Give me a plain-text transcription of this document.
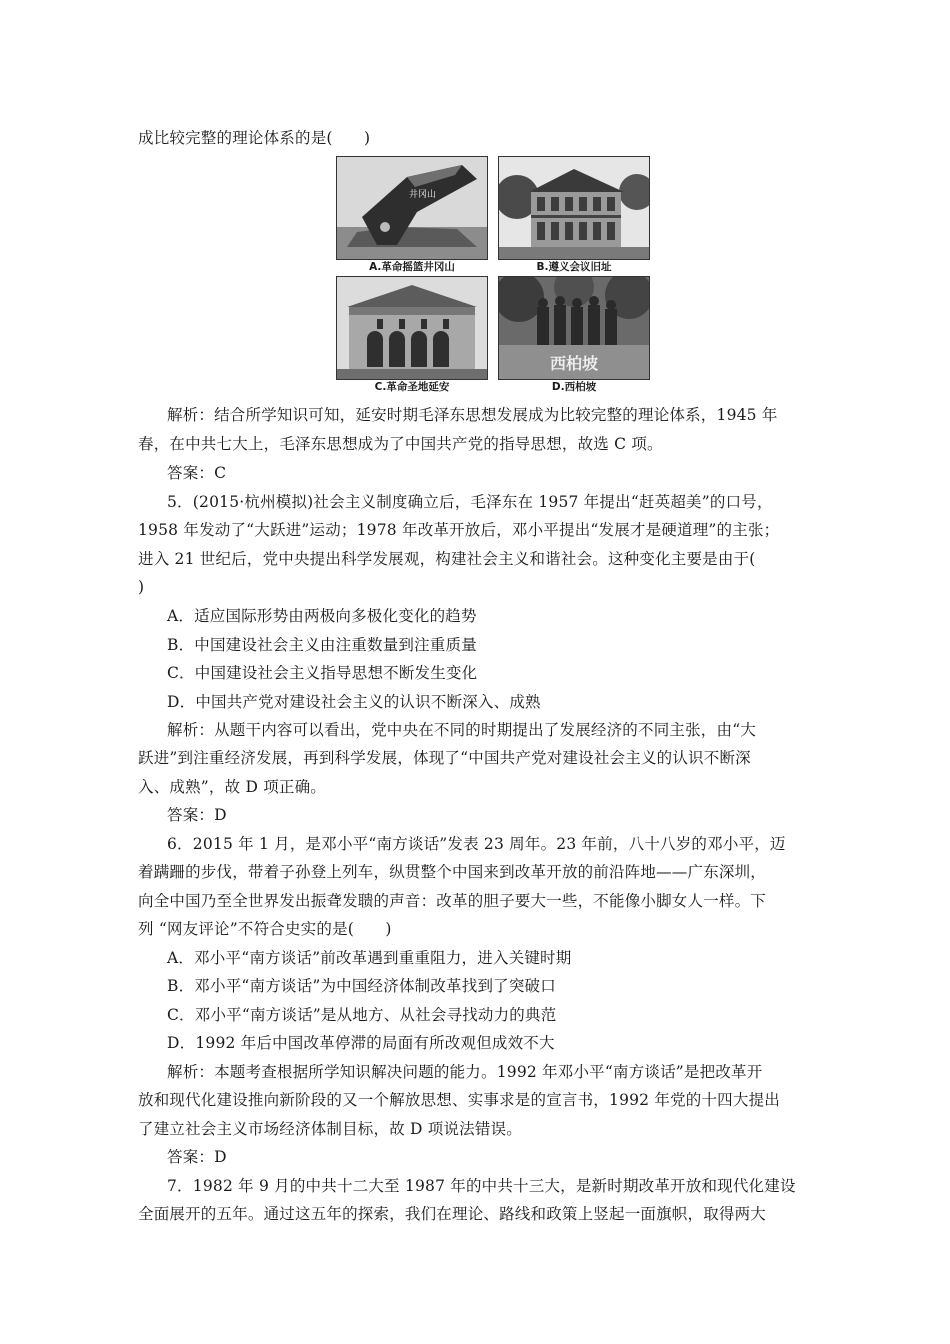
成比较完整的理论体系的是(　　)
井冈山
A.革命摇篮井冈山	B.遵义会议旧址
C.革命圣地延安
西柏坡
D.西柏坡
解析：结合所学知识可知，延安时期毛泽东思想发展成为比较完整的理论体系，1945 年
春，在中共七大上，毛泽东思想成为了中国共产党的指导思想，故选 C 项。
答案：C
5．(2015·杭州模拟)社会主义制度确立后，毛泽东在 1957 年提出“赶英超美”的口号，
1958 年发动了“大跃进”运动；1978 年改革开放后，邓小平提出“发展才是硬道理”的主张；
进入 21 世纪后，党中央提出科学发展观，构建社会主义和谐社会。这种变化主要是由于(
)
A．适应国际形势由两极向多极化变化的趋势
B．中国建设社会主义由注重数量到注重质量
C．中国建设社会主义指导思想不断发生变化
D．中国共产党对建设社会主义的认识不断深入、成熟
解析：从题干内容可以看出，党中央在不同的时期提出了发展经济的不同主张，由“大
跃进”到注重经济发展，再到科学发展，体现了“中国共产党对建设社会主义的认识不断深
入、成熟”，故 D 项正确。
答案：D
6．2015 年 1 月，是邓小平“南方谈话”发表 23 周年。23 年前，八十八岁的邓小平，迈
着蹒跚的步伐，带着子孙登上列车，纵贯整个中国来到改革开放的前沿阵地——广东深圳，
向全中国乃至全世界发出振聋发聩的声音：改革的胆子要大一些，不能像小脚女人一样。下
列 “网友评论”不符合史实的是(　　)
A．邓小平“南方谈话”前改革遇到重重阻力，进入关键时期
B．邓小平“南方谈话”为中国经济体制改革找到了突破口
C．邓小平“南方谈话”是从地方、从社会寻找动力的典范
D．1992 年后中国改革停滞的局面有所改观但成效不大
解析：本题考查根据所学知识解决问题的能力。1992 年邓小平“南方谈话”是把改革开
放和现代化建设推向新阶段的又一个解放思想、实事求是的宣言书，1992 年党的十四大提出
了建立社会主义市场经济体制目标，故 D 项说法错误。
答案：D
7．1982 年 9 月的中共十二大至 1987 年的中共十三大，是新时期改革开放和现代化建设
全面展开的五年。通过这五年的探索，我们在理论、路线和政策上竖起一面旗帜，取得两大
